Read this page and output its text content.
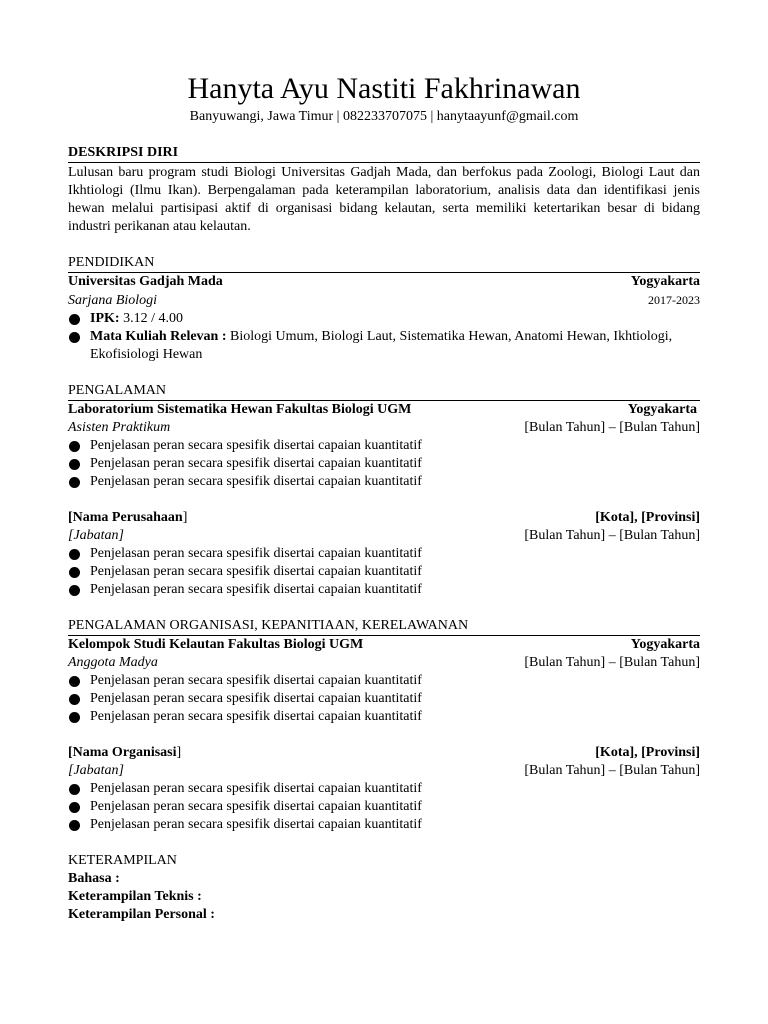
Hanyta Ayu Nastiti Fakhrinawan
Banyuwangi, Jawa Timur | 082233707075 | hanytaayunf@gmail.com
DESKRIPSI DIRI
Lulusan baru program studi Biologi Universitas Gadjah Mada, dan berfokus pada Zoologi, Biologi Laut dan Ikhtiologi (Ilmu Ikan). Berpengalaman pada keterampilan laboratorium, analisis data dan identifikasi jenis hewan melalui partisipasi aktif di organisasi bidang kelautan, serta memiliki ketertarikan besar di bidang industri perikanan atau kelautan.
PENDIDIKAN
Universitas Gadjah Mada	Yogyakarta
Sarjana Biologi	2017-2023
IPK: 3.12 / 4.00
Mata Kuliah Relevan : Biologi Umum, Biologi Laut, Sistematika Hewan, Anatomi Hewan, Ikhtiologi, Ekofisiologi Hewan
PENGALAMAN
Laboratorium Sistematika Hewan Fakultas Biologi UGM	Yogyakarta
Asisten Praktikum	[Bulan Tahun] – [Bulan Tahun]
Penjelasan peran secara spesifik disertai capaian kuantitatif
Penjelasan peran secara spesifik disertai capaian kuantitatif
Penjelasan peran secara spesifik disertai capaian kuantitatif
[Nama Perusahaan]	[Kota], [Provinsi]
[Jabatan]	[Bulan Tahun] – [Bulan Tahun]
Penjelasan peran secara spesifik disertai capaian kuantitatif
Penjelasan peran secara spesifik disertai capaian kuantitatif
Penjelasan peran secara spesifik disertai capaian kuantitatif
PENGALAMAN ORGANISASI, KEPANITIAAN, KERELAWANAN
Kelompok Studi Kelautan Fakultas Biologi UGM	Yogyakarta
Anggota Madya	[Bulan Tahun] – [Bulan Tahun]
Penjelasan peran secara spesifik disertai capaian kuantitatif
Penjelasan peran secara spesifik disertai capaian kuantitatif
Penjelasan peran secara spesifik disertai capaian kuantitatif
[Nama Organisasi]	[Kota], [Provinsi]
[Jabatan]	[Bulan Tahun] – [Bulan Tahun]
Penjelasan peran secara spesifik disertai capaian kuantitatif
Penjelasan peran secara spesifik disertai capaian kuantitatif
Penjelasan peran secara spesifik disertai capaian kuantitatif
KETERAMPILAN
Bahasa :
Keterampilan Teknis :
Keterampilan Personal :
